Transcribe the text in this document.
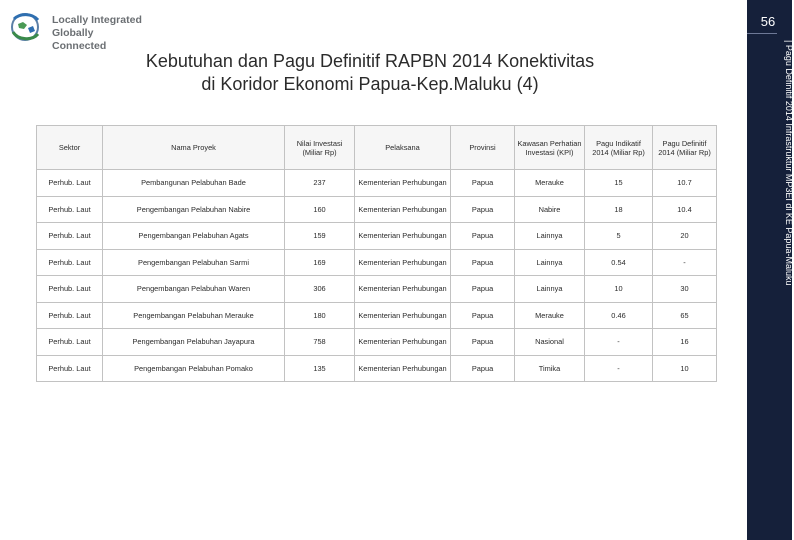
Locally Integrated
Globally Connected
Kebutuhan dan Pagu Definitif RAPBN 2014 Konektivitas
di Koridor Ekonomi Papua-Kep.Maluku (4)
56
| Pagu Definitif 2014 Infrastruktur MP3EI di KE Papua-Maluku
Sektor	Nama Proyek	Nilai Investasi (Miliar Rp)	Pelaksana	Provinsi	Kawasan Perhatian Investasi (KPI)	Pagu Indikatif 2014 (Miliar Rp)	Pagu Definitif 2014 (Miliar Rp)
Perhub. Laut	Pembangunan Pelabuhan Bade	237	Kementerian Perhubungan	Papua	Merauke	15	10.7
Perhub. Laut	Pengembangan Pelabuhan Nabire	160	Kementerian Perhubungan	Papua	Nabire	18	10.4
Perhub. Laut	Pengembangan Pelabuhan Agats	159	Kementerian Perhubungan	Papua	Lainnya	5	20
Perhub. Laut	Pengembangan Pelabuhan Sarmi	169	Kementerian Perhubungan	Papua	Lainnya	0.54	-
Perhub. Laut	Pengembangan Pelabuhan Waren	306	Kementerian Perhubungan	Papua	Lainnya	10	30
Perhub. Laut	Pengembangan Pelabuhan Merauke	180	Kementerian Perhubungan	Papua	Merauke	0.46	65
Perhub. Laut	Pengembangan Pelabuhan Jayapura	758	Kementerian Perhubungan	Papua	Nasional	-	16
Perhub. Laut	Pengembangan Pelabuhan Pomako	135	Kementerian Perhubungan	Papua	Timika	-	10
